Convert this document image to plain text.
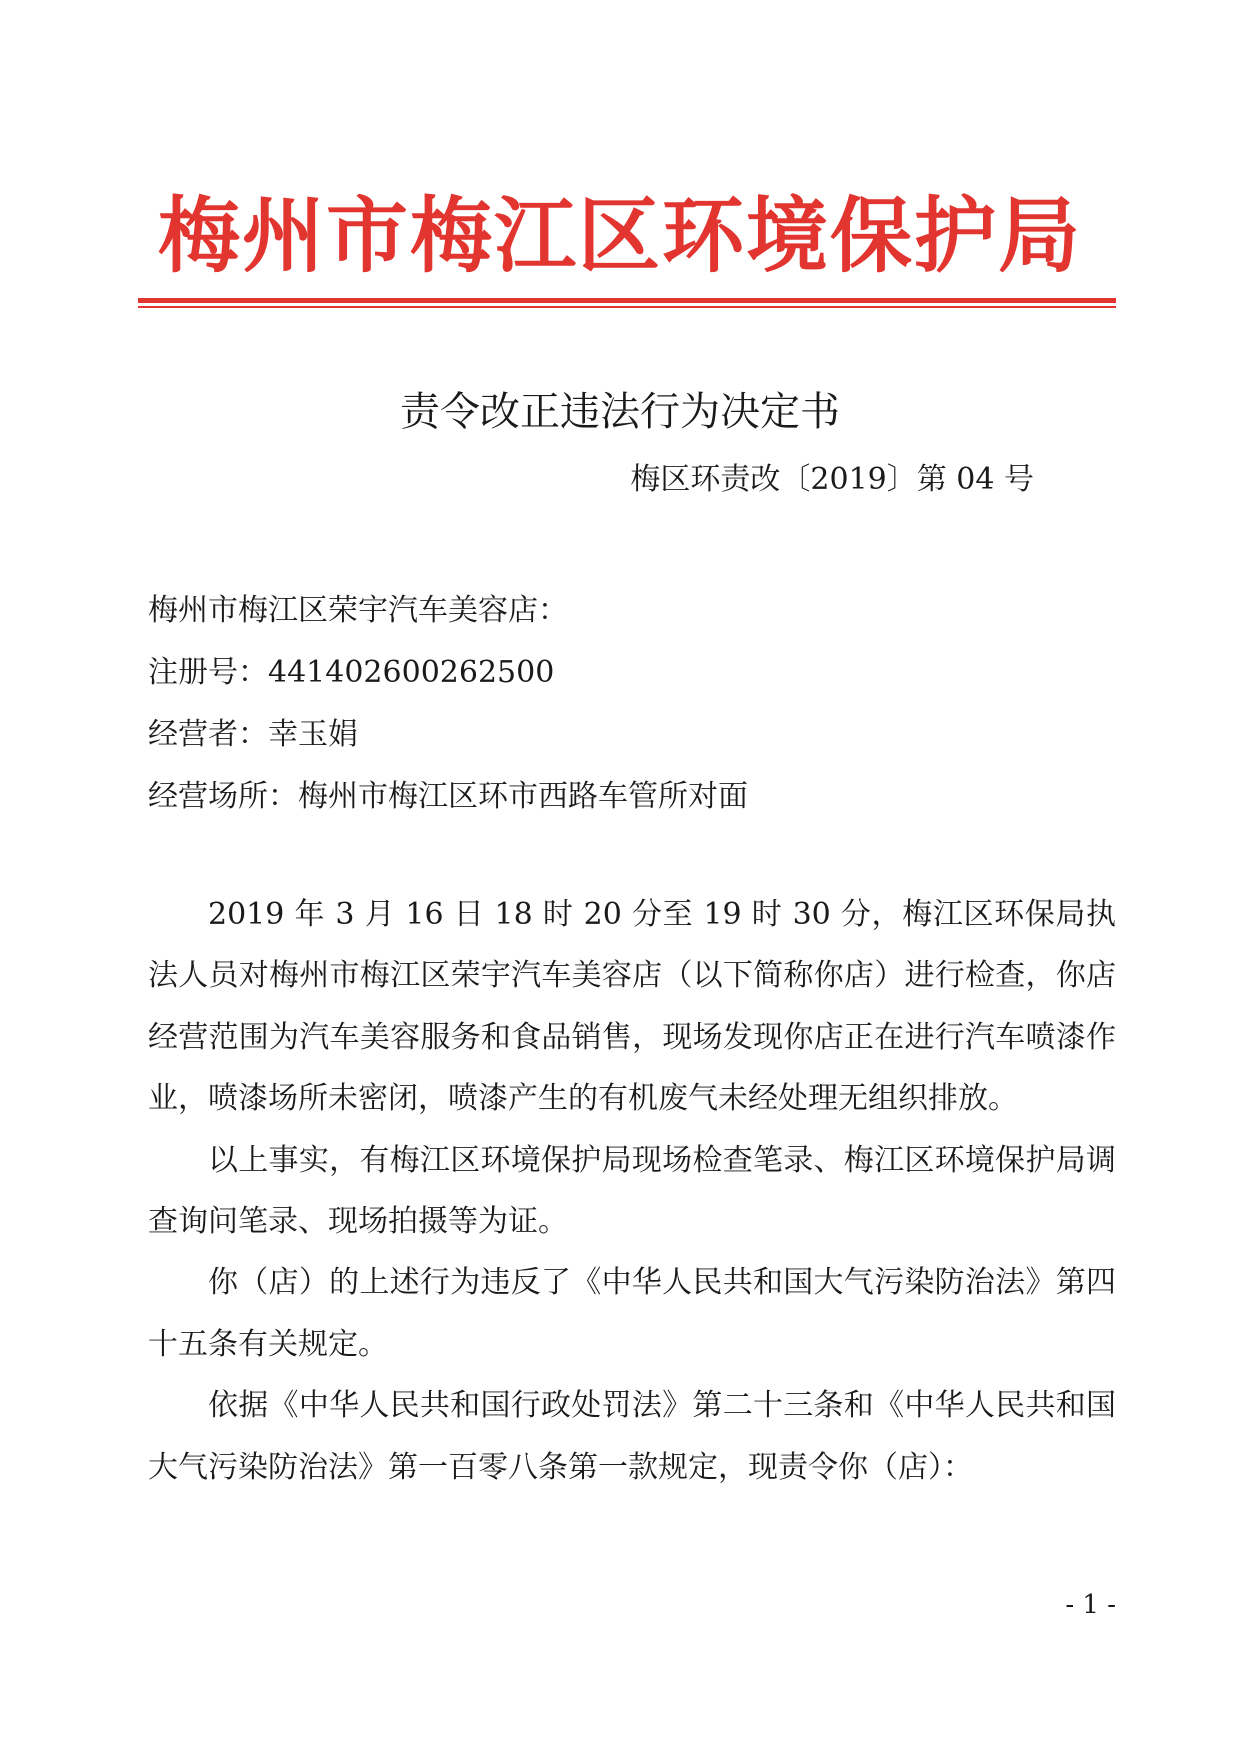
梅州市梅江区环境保护局
责令改正违法行为决定书
梅区环责改〔2019〕第 04 号
梅州市梅江区荣宇汽车美容店：
注册号：441402600262500
经营者：幸玉娟
经营场所：梅州市梅江区环市西路车管所对面

2019 年 3 月 16 日 18 时 20 分至 19 时 30 分，梅江区环保局执法人员对梅州市梅江区荣宇汽车美容店（以下简称你店）进行检查，你店经营范围为汽车美容服务和食品销售，现场发现你店正在进行汽车喷漆作业，喷漆场所未密闭，喷漆产生的有机废气未经处理无组织排放。

以上事实，有梅江区环境保护局现场检查笔录、梅江区环境保护局调查询问笔录、现场拍摄等为证。

你（店）的上述行为违反了《中华人民共和国大气污染防治法》第四十五条有关规定。

依据《中华人民共和国行政处罚法》第二十三条和《中华人民共和国大气污染防治法》第一百零八条第一款规定，现责令你（店）：

- 1 -
